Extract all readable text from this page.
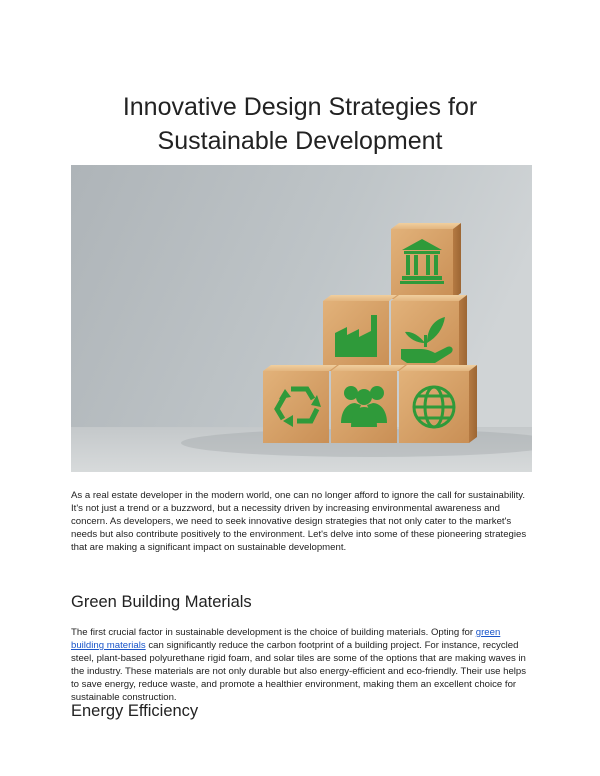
Innovative Design Strategies for
Sustainable Development

As a real estate developer in the modern world, one can no longer afford to ignore the call for sustainability. It's not just a trend or a buzzword, but a necessity driven by increasing environmental awareness and concern. As developers, we need to seek innovative design strategies that not only cater to the market's needs but also contribute positively to the environment. Let's delve into some of these pioneering strategies that are making a significant impact on sustainable development.

Green Building Materials

The first crucial factor in sustainable development is the choice of building materials. Opting for green building materials can significantly reduce the carbon footprint of a building project. For instance, recycled steel, plant-based polyurethane rigid foam, and solar tiles are some of the options that are making waves in the industry. These materials are not only durable but also energy-efficient and eco-friendly. Their use helps to save energy, reduce waste, and promote a healthier environment, making them an excellent choice for sustainable construction.

Energy Efficiency
